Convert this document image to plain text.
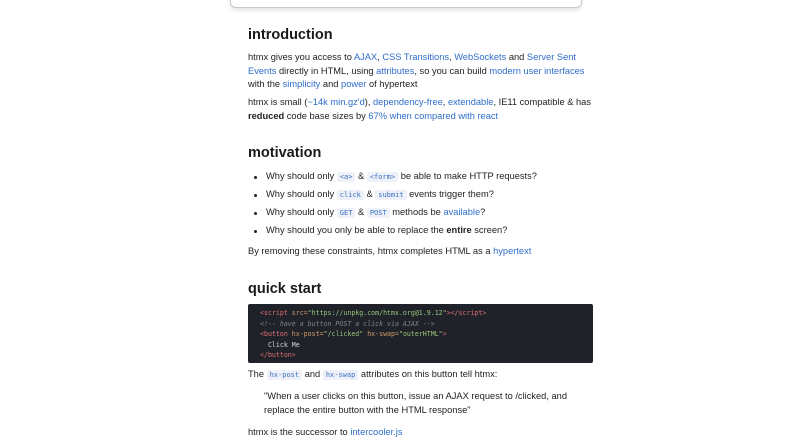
introduction

htmx gives you access to AJAX, CSS Transitions, WebSockets and Server Sent Events directly in HTML, using attributes, so you can build modern user interfaces with the simplicity and power of hypertext

htmx is small (~14k min.gz'd), dependency-free, extendable, IE11 compatible & has reduced code base sizes by 67% when compared with react

motivation
Why should only <a> & <form> be able to make HTTP requests?
Why should only click & submit events trigger them?
Why should only GET & POST methods be available?
Why should you only be able to replace the entire screen?

By removing these constraints, htmx completes HTML as a hypertext

quick start
<script src="https://unpkg.com/htmx.org@1.9.12"></script>
<!-- have a button POST a click via AJAX -->
<button hx-post="/clicked" hx-swap="outerHTML">
Click Me
</button>

The hx-post and hx-swap attributes on this button tell htmx:

"When a user clicks on this button, issue an AJAX request to /clicked, and replace the entire button with the HTML response"

htmx is the successor to intercooler.js
